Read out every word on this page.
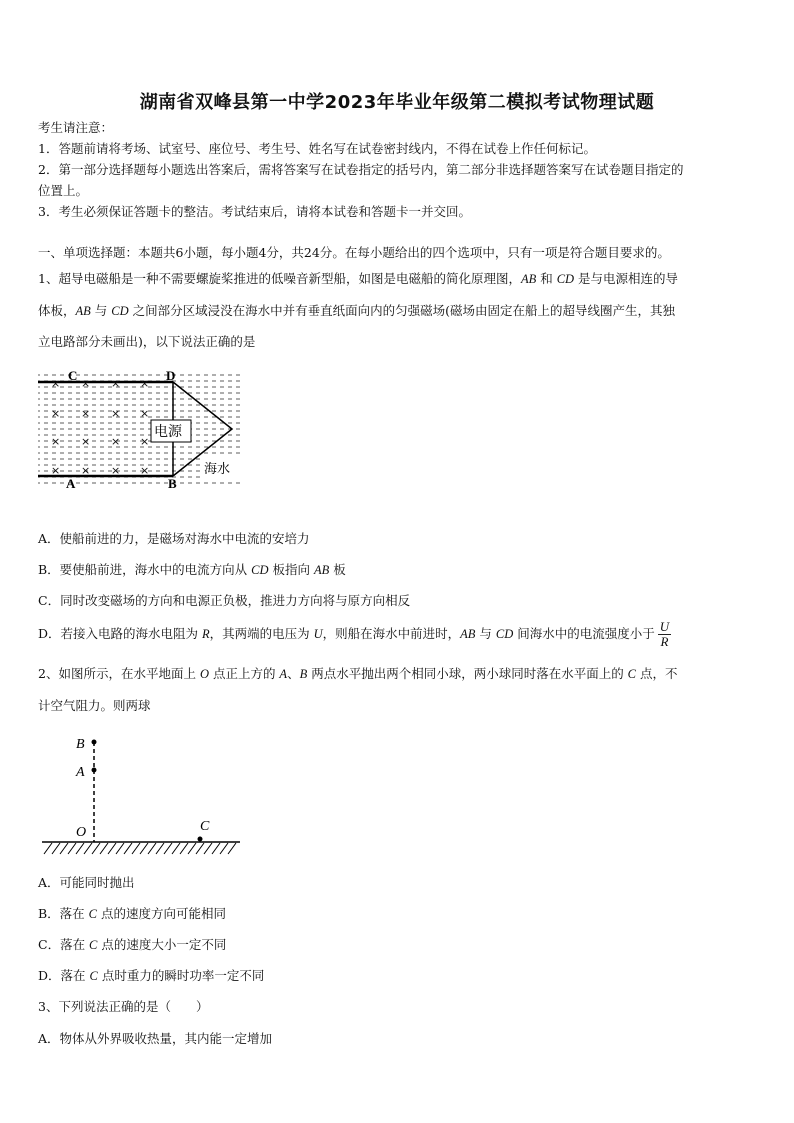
湖南省双峰县第一中学2023年毕业年级第二模拟考试物理试题
考生请注意：
1．答题前请将考场、试室号、座位号、考生号、姓名写在试卷密封线内，不得在试卷上作任何标记。
2．第一部分选择题每小题选出答案后，需将答案写在试卷指定的括号内，第二部分非选择题答案写在试卷题目指定的
位置上。
3．考生必须保证答题卡的整洁。考试结束后，请将本试卷和答题卡一并交回。
一、单项选择题：本题共6小题，每小题4分，共24分。在每小题给出的四个选项中，只有一项是符合题目要求的。
1、超导电磁船是一种不需要螺旋桨推进的低噪音新型船，如图是电磁船的简化原理图，AB 和 CD 是与电源相连的导
体板，AB 与 CD 之间部分区域浸没在海水中并有垂直纸面向内的匀强磁场(磁场由固定在船上的超导线圈产生，其独
立电路部分未画出)，以下说法正确的是
× × × ×
× × × ×
× × × ×
× × × ×
C	D
A	B
电源
海水
A．使船前进的力，是磁场对海水中电流的安培力
B．要使船前进，海水中的电流方向从 CD 板指向 AB 板
C．同时改变磁场的方向和电源正负极，推进力方向将与原方向相反
D．若接入电路的海水电阻为 R，其两端的电压为 U，则船在海水中前进时，AB 与 CD 间海水中的电流强度小于 $\frac{U}{R}$
2、如图所示，在水平地面上 O 点正上方的 A、B 两点水平抛出两个相同小球，两小球同时落在水平面上的 C 点，不
计空气阻力。则两球
B
A
O	C
A．可能同时抛出
B．落在 C 点的速度方向可能相同
C．落在 C 点的速度大小一定不同
D．落在 C 点时重力的瞬时功率一定不同
3、下列说法正确的是（　　）
A．物体从外界吸收热量，其内能一定增加
